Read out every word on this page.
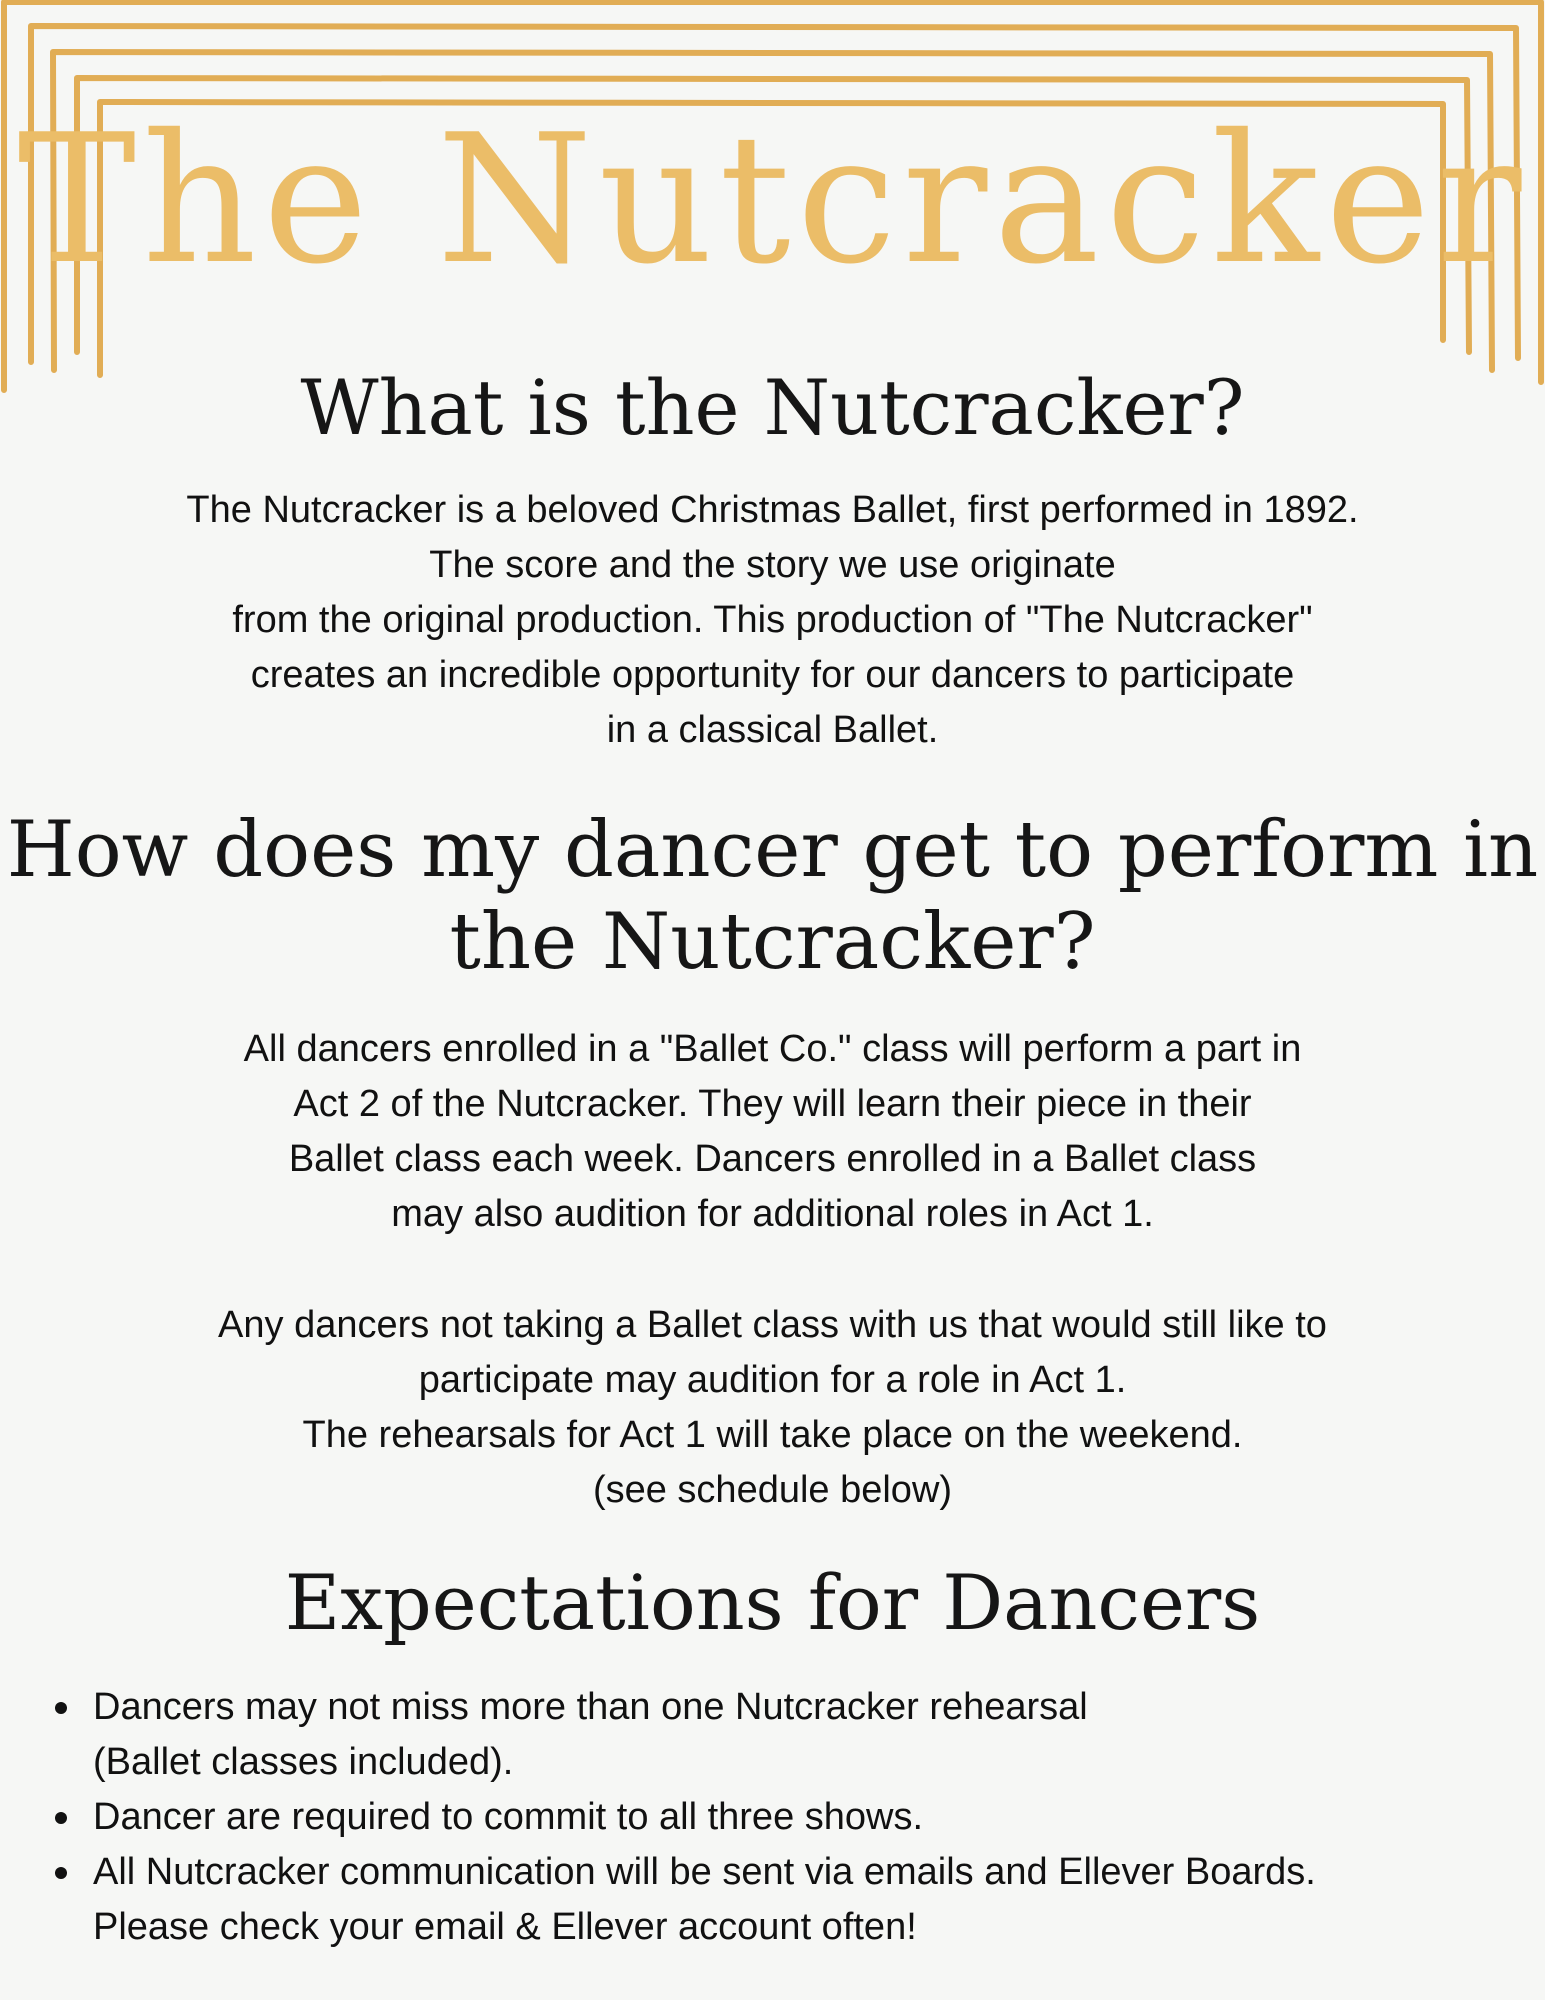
The Nutcracker
What is the Nutcracker?
The Nutcracker is a beloved Christmas Ballet, first performed in 1892.
The score and the story we use originate
from the original production. This production of "The Nutcracker"
creates an incredible opportunity for our dancers to participate
in a classical Ballet.
How does my dancer get to perform in
the Nutcracker?
All dancers enrolled in a "Ballet Co." class will perform a part in
Act 2 of the Nutcracker. They will learn their piece in their
Ballet class each week. Dancers enrolled in a Ballet class
may also audition for additional roles in Act 1.
Any dancers not taking a Ballet class with us that would still like to
participate may audition for a role in Act 1.
The rehearsals for Act 1 will take place on the weekend.
(see schedule below)
Expectations for Dancers
Dancers may not miss more than one Nutcracker rehearsal
(Ballet classes included).
Dancer are required to commit to all three shows.
All Nutcracker communication will be sent via emails and Ellever Boards.
Please check your email & Ellever account often!
